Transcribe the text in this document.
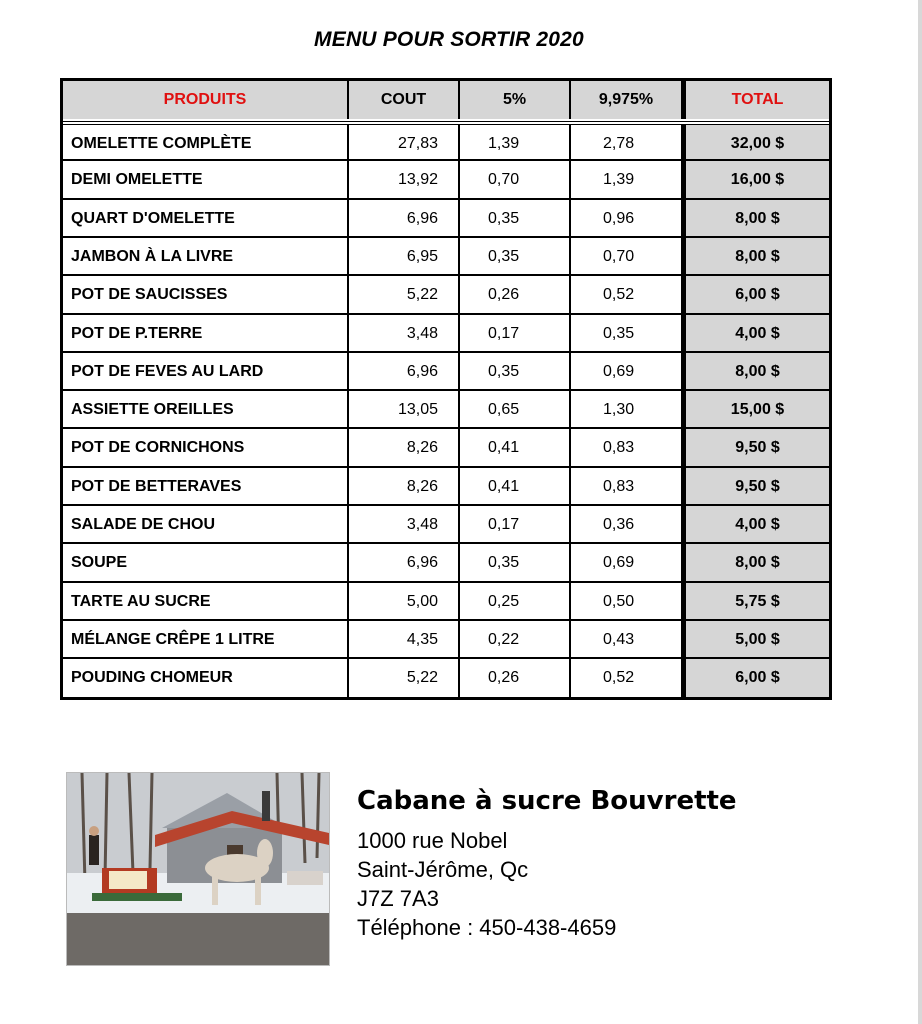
MENU POUR SORTIR 2020
PRODUITS	COUT	5%	9,975%	TOTAL
OMELETTE COMPLÈTE	27,83	1,39	2,78	32,00 $
DEMI OMELETTE	13,92	0,70	1,39	16,00 $
QUART D'OMELETTE	6,96	0,35	0,96	8,00 $
JAMBON À LA LIVRE	6,95	0,35	0,70	8,00 $
POT DE SAUCISSES	5,22	0,26	0,52	6,00 $
POT DE P.TERRE	3,48	0,17	0,35	4,00 $
POT DE FEVES AU LARD	6,96	0,35	0,69	8,00 $
ASSIETTE OREILLES	13,05	0,65	1,30	15,00 $
POT DE CORNICHONS	8,26	0,41	0,83	9,50 $
POT DE BETTERAVES	8,26	0,41	0,83	9,50 $
SALADE DE CHOU	3,48	0,17	0,36	4,00 $
SOUPE	6,96	0,35	0,69	8,00 $
TARTE AU SUCRE	5,00	0,25	0,50	5,75 $
MÉLANGE CRÊPE 1 LITRE	4,35	0,22	0,43	5,00 $
POUDING CHOMEUR	5,22	0,26	0,52	6,00 $
Cabane à sucre Bouvrette
1000 rue Nobel
Saint-Jérôme, Qc
J7Z 7A3
Téléphone : 450-438-4659
